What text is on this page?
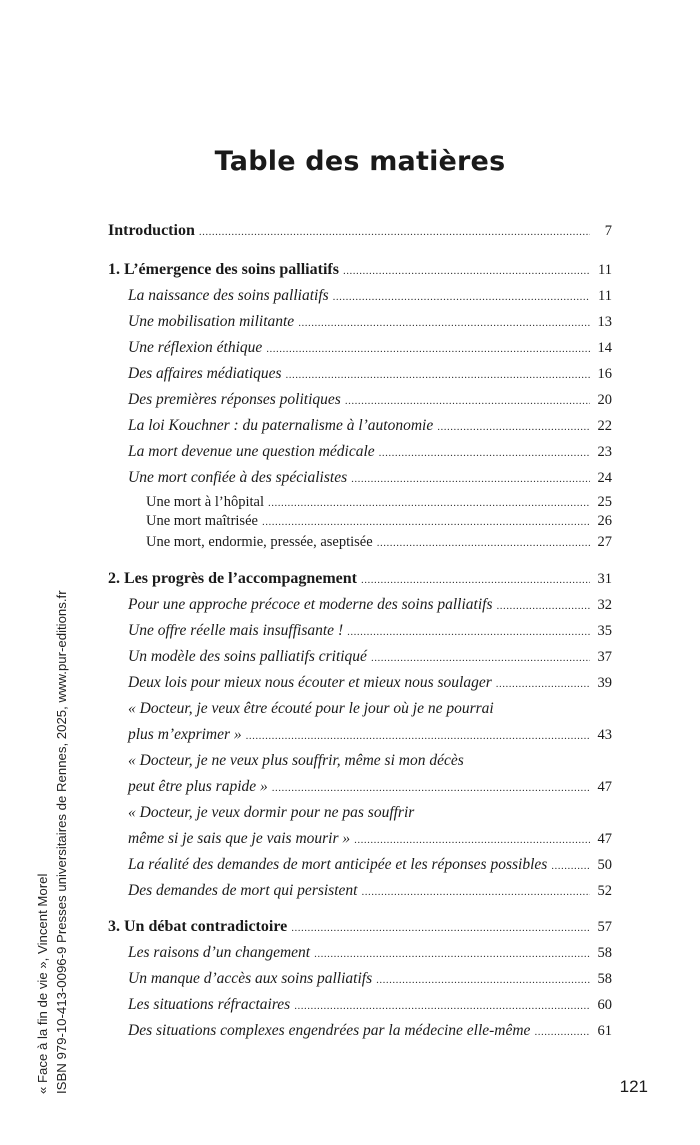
Table des matières
Introduction .....	7
1. L’émergence des soins palliatifs .....	11
La naissance des soins palliatifs .....	11
Une mobilisation militante .....	13
Une réflexion éthique .....	14
Des affaires médiatiques .....	16
Des premières réponses politiques .....	20
La loi Kouchner : du paternalisme à l’autonomie .....	22
La mort devenue une question médicale .....	23
Une mort confiée à des spécialistes .....	24
Une mort à l’hôpital .....	25
Une mort maîtrisée .....	26
Une mort, endormie, pressée, aseptisée .....	27
2. Les progrès de l’accompagnement .....	31
Pour une approche précoce et moderne des soins palliatifs .....	32
Une offre réelle mais insuffisante ! .....	35
Un modèle des soins palliatifs critiqué .....	37
Deux lois pour mieux nous écouter et mieux nous soulager .....	39
« Docteur, je veux être écouté pour le jour où je ne pourrai
plus m’exprimer » .....	43
« Docteur, je ne veux plus souffrir, même si mon décès
peut être plus rapide » .....	47
« Docteur, je veux dormir pour ne pas souffrir
même si je sais que je vais mourir » .....	47
La réalité des demandes de mort anticipée et les réponses possibles .....	50
Des demandes de mort qui persistent .....	52
3. Un débat contradictoire .....	57
Les raisons d’un changement .....	58
Un manque d’accès aux soins palliatifs .....	58
Les situations réfractaires .....	60
Des situations complexes engendrées par la médecine elle-même .....	61
« Face à la fin de vie », Vincent Morel ISBN 979-10-413-0096-9 Presses universitaires de Rennes, 2025, www.pur-editions.fr	121
